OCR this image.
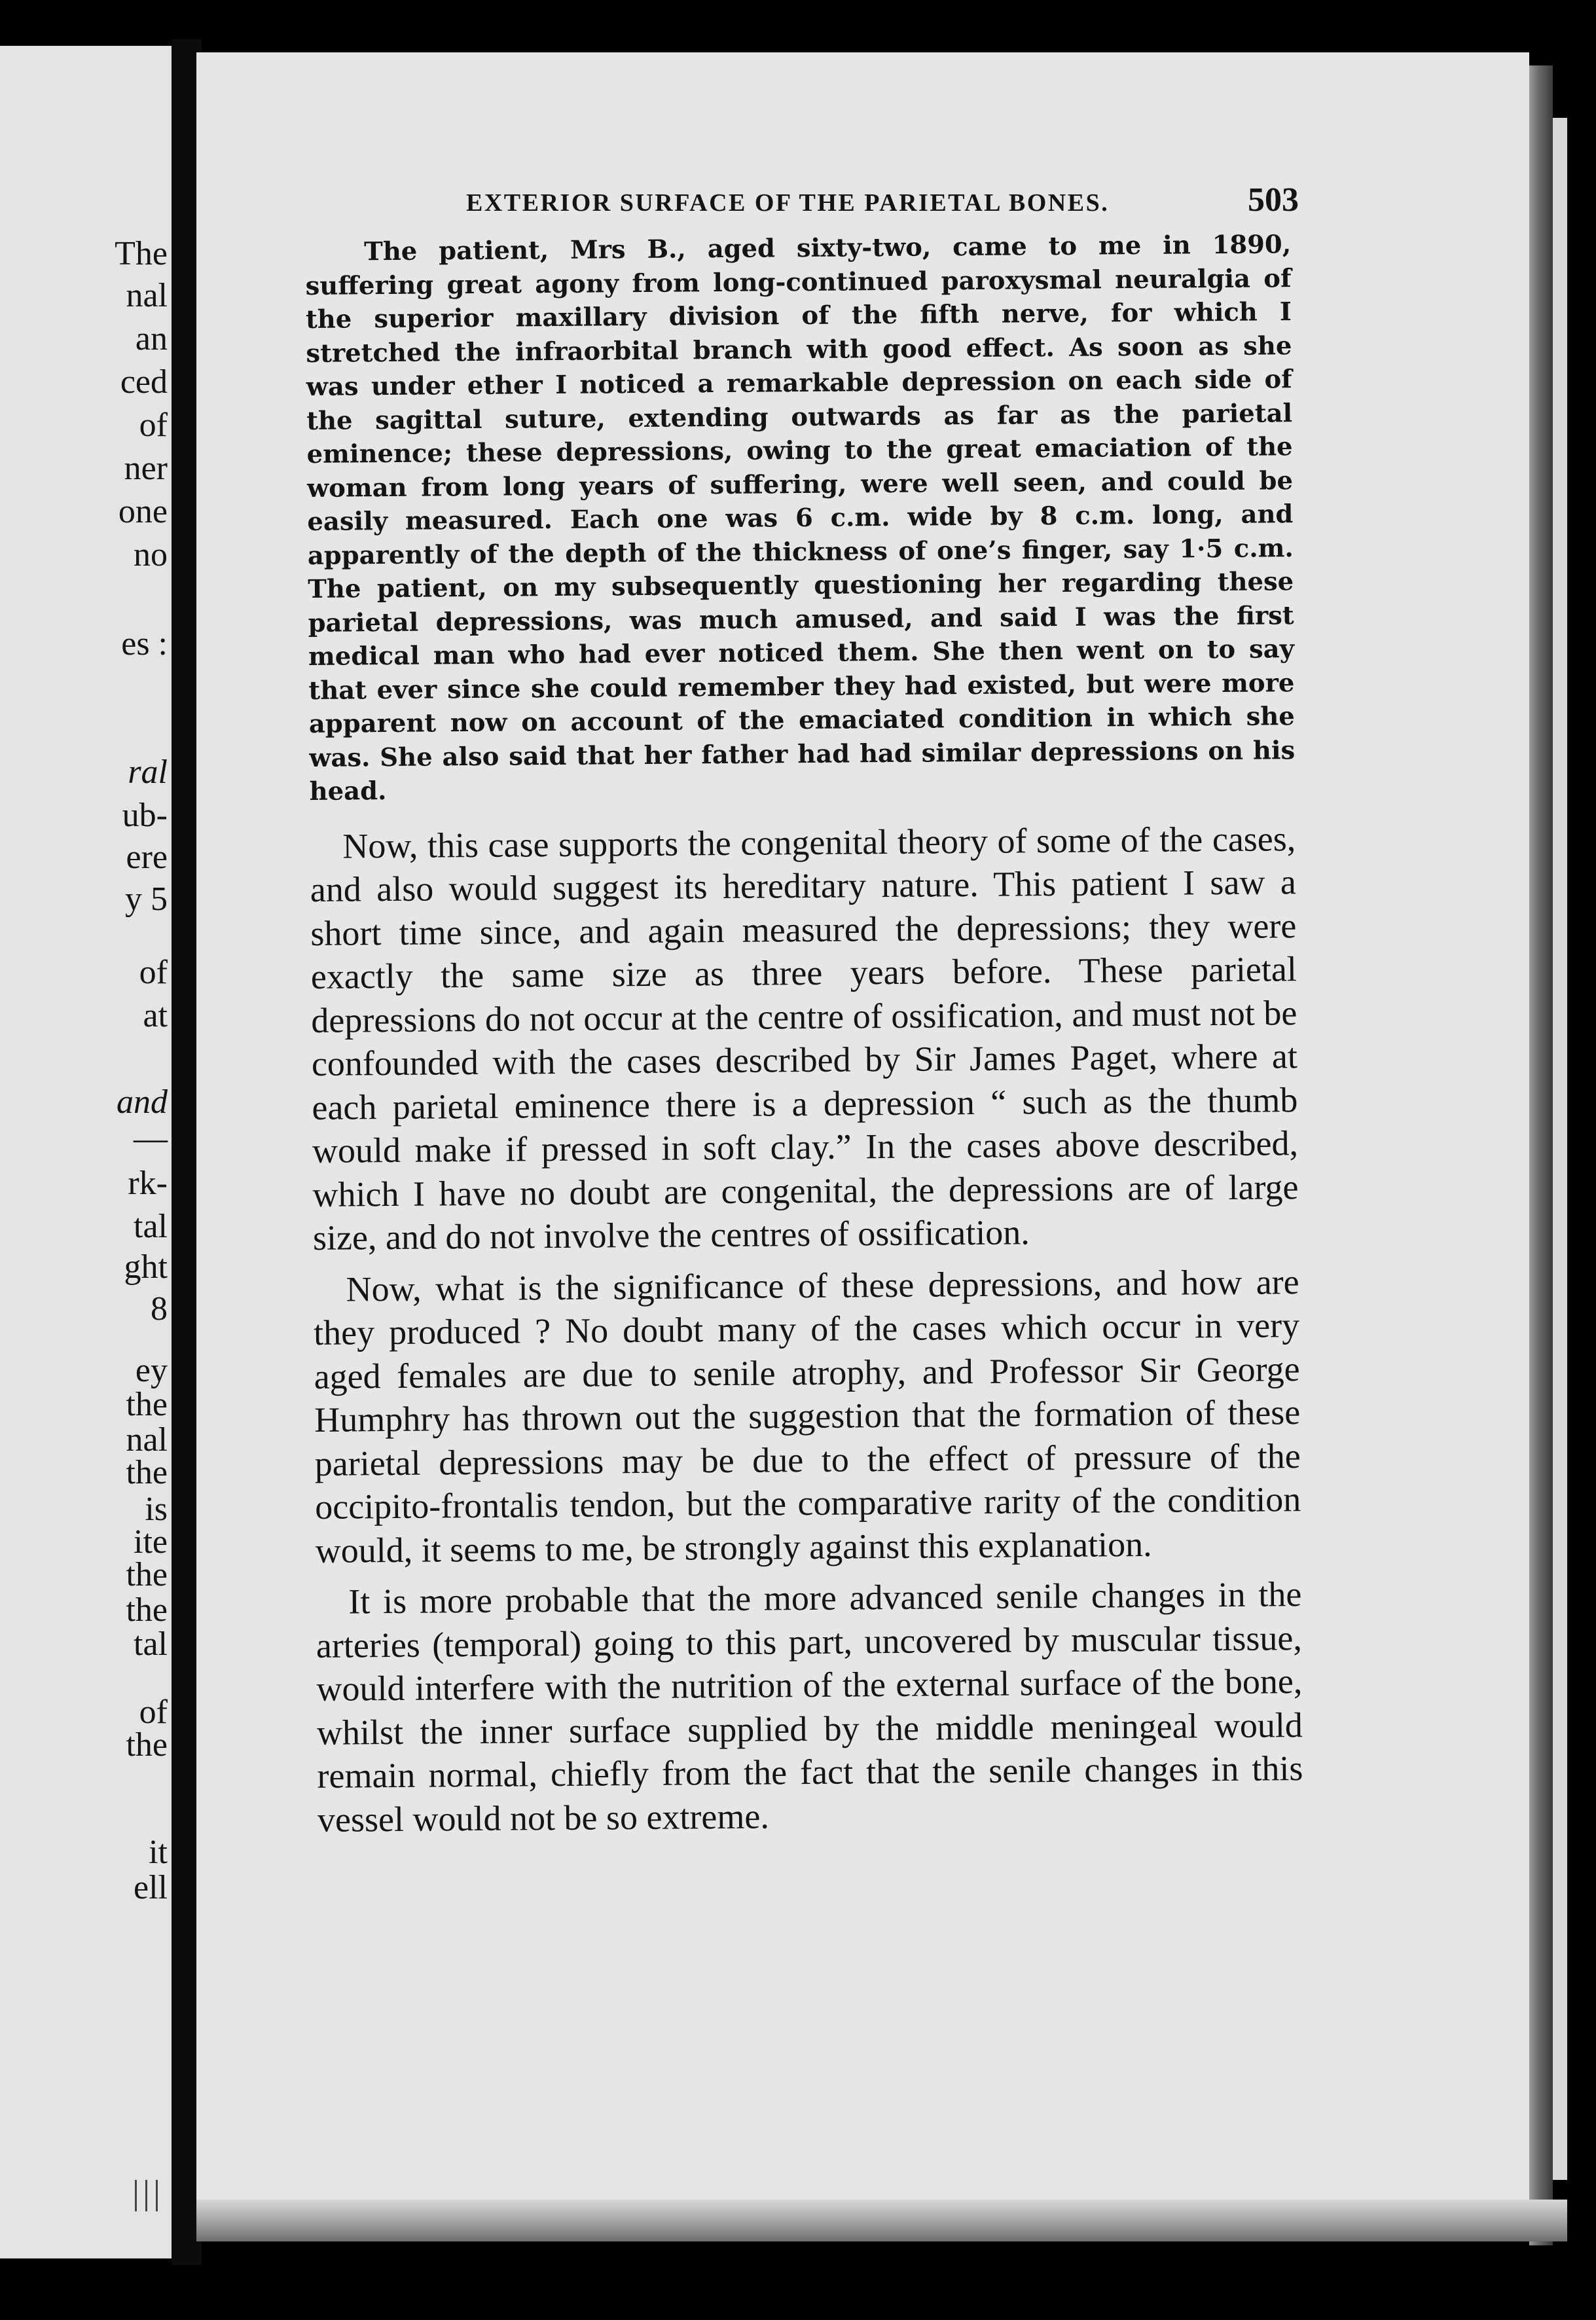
The
nal
an
ced
of
ner
one
no
es :
ral
ub-
ere
y 5
of
at
and
—
rk-
tal
ght
8
ey
the
nal
the
is
ite
the
the
tal
of
the
it
ell
EXTERIOR SURFACE OF THE PARIETAL BONES.	503

The patient, Mrs B., aged sixty-two, came to me in 1890, suffering great agony from long-continued paroxysmal neuralgia of the superior maxillary division of the fifth nerve, for which I stretched the infraorbital branch with good effect. As soon as she was under ether I noticed a remarkable depression on each side of the sagittal suture, extending outwards as far as the parietal eminence; these depressions, owing to the great emaciation of the woman from long years of suffering, were well seen, and could be easily measured. Each one was 6 c.m. wide by 8 c.m. long, and apparently of the depth of the thickness of one’s finger, say 1·5 c.m. The patient, on my subsequently questioning her regarding these parietal depressions, was much amused, and said I was the first medical man who had ever noticed them. She then went on to say that ever since she could remember they had existed, but were more apparent now on account of the emaciated condition in which she was. She also said that her father had had similar depressions on his head.

Now, this case supports the congenital theory of some of the cases, and also would suggest its hereditary nature. This patient I saw a short time since, and again measured the depressions; they were exactly the same size as three years before. These parietal depressions do not occur at the centre of ossification, and must not be confounded with the cases described by Sir James Paget, where at each parietal eminence there is a depression “ such as the thumb would make if pressed in soft clay.” In the cases above described, which I have no doubt are congenital, the depressions are of large size, and do not involve the centres of ossification.

Now, what is the significance of these depressions, and how are they produced ? No doubt many of the cases which occur in very aged females are due to senile atrophy, and Professor Sir George Humphry has thrown out the suggestion that the formation of these parietal depressions may be due to the effect of pressure of the occipito-frontalis tendon, but the comparative rarity of the condition would, it seems to me, be strongly against this explanation.

It is more probable that the more advanced senile changes in the arteries (temporal) going to this part, uncovered by muscular tissue, would interfere with the nutrition of the external surface of the bone, whilst the inner surface supplied by the middle meningeal would remain normal, chiefly from the fact that the senile changes in this vessel would not be so extreme.
